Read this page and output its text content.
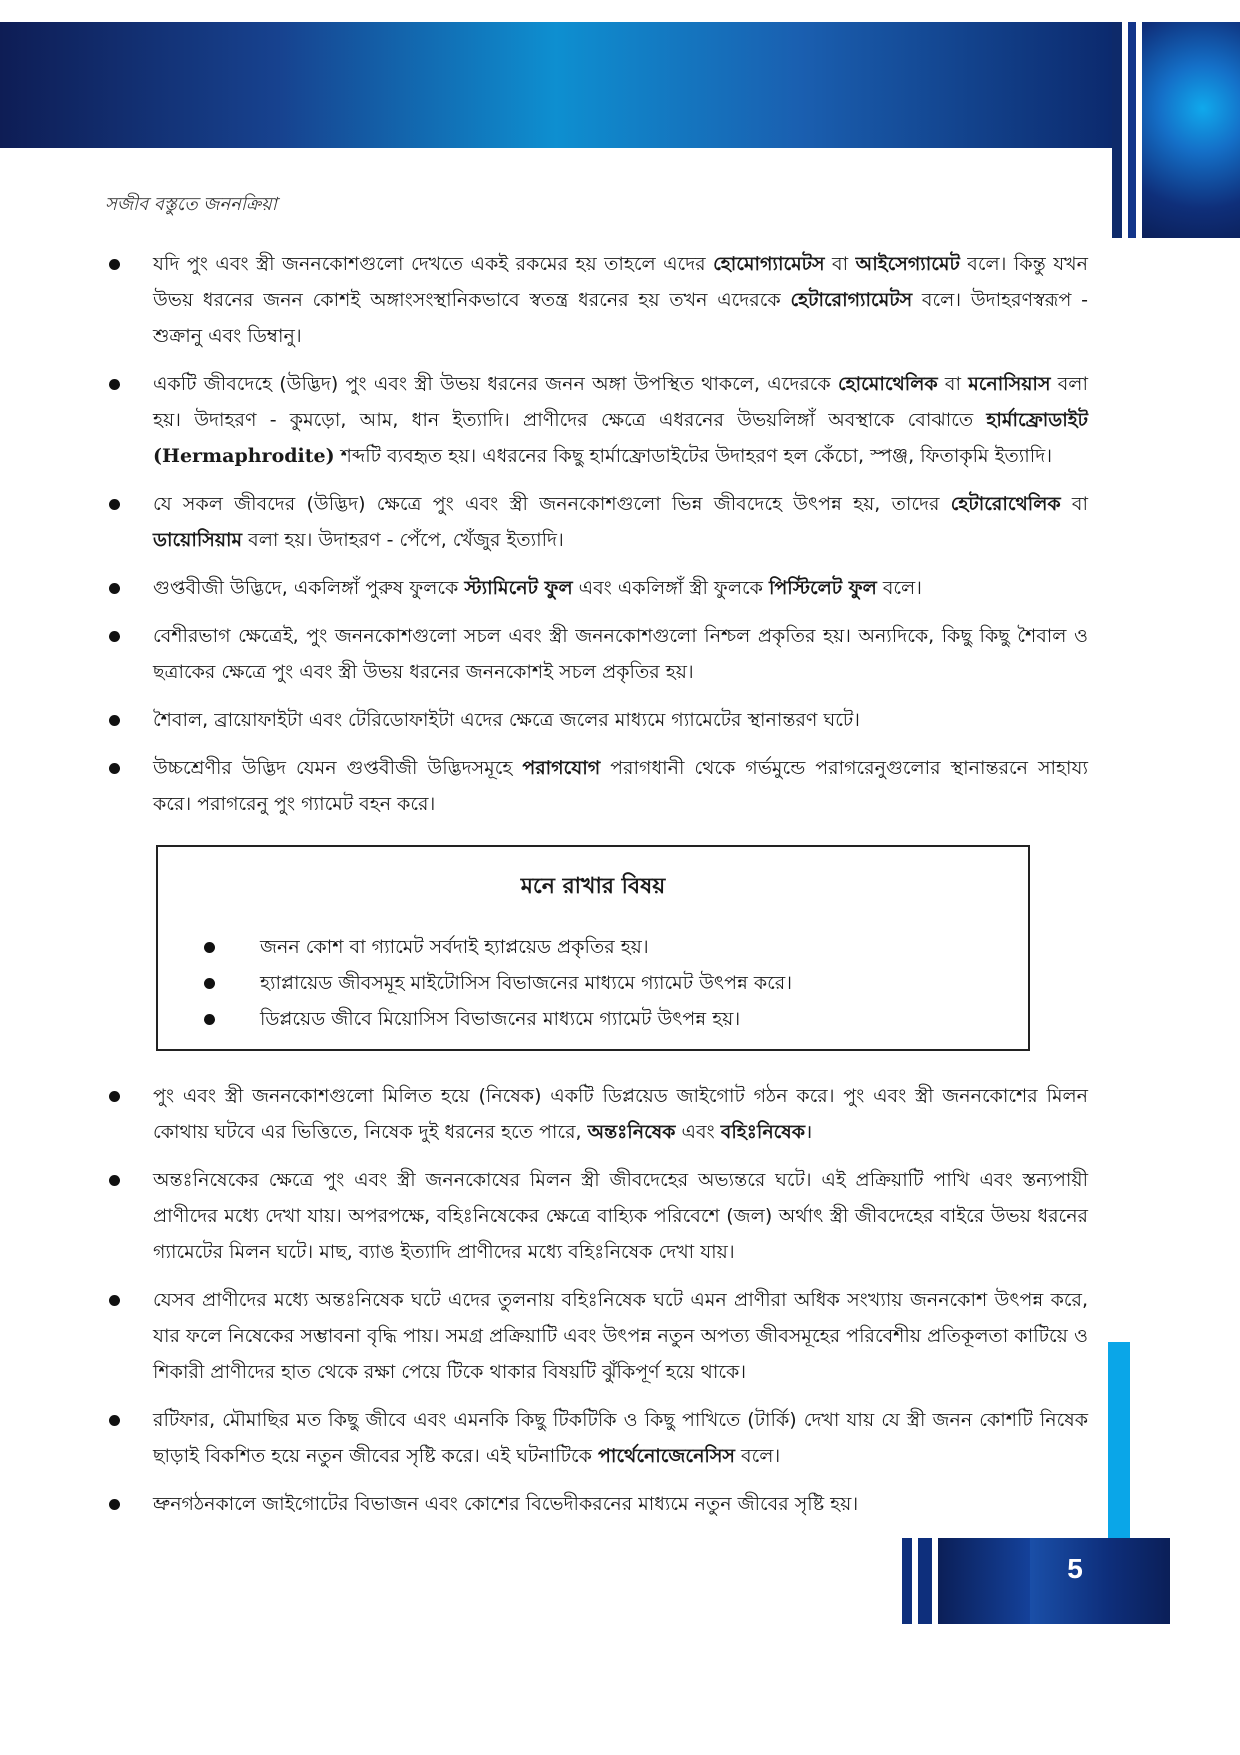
সজীব বস্তুতে জননক্রিয়া
যদি পুং এবং স্ত্রী জননকোশগুলো দেখতে একই রকমের হয় তাহলে এদের হোমোগ্যামেটস বা আইসেগ্যামেট বলে। কিন্তু যখন উভয় ধরনের জনন কোশই অঙ্গাংসংস্থানিকভাবে স্বতন্ত্র ধরনের হয় তখন এদেরকে হেটারোগ্যামেটস বলে। উদাহরণস্বরূপ - শুক্রানু এবং ডিম্বানু।
একটি জীবদেহে (উদ্ভিদ) পুং এবং স্ত্রী উভয় ধরনের জনন অঙ্গা উপস্থিত থাকলে, এদেরকে হোমোথেলিক বা মনোসিয়াস বলা হয়। উদাহরণ - কুমড়ো, আম, ধান ইত্যাদি। প্রাণীদের ক্ষেত্রে এধরনের উভয়লিঙ্গাঁ অবস্থাকে বোঝাতে হার্মাফ্রোডাইট (Hermaphrodite) শব্দটি ব্যবহৃত হয়। এধরনের কিছু হার্মাফ্রোডাইটের উদাহরণ হল কেঁচো, স্পঞ্জ, ফিতাকৃমি ইত্যাদি।
যে সকল জীবদের (উদ্ভিদ) ক্ষেত্রে পুং এবং স্ত্রী জননকোশগুলো ভিন্ন জীবদেহে উৎপন্ন হয়, তাদের হেটারোথেলিক বা ডায়োসিয়াম বলা হয়। উদাহরণ - পেঁপে, খেঁজুর ইত্যাদি।
গুপ্তবীজী উদ্ভিদে, একলিঙ্গাঁ পুরুষ ফুলকে স্ট্যামিনেট ফুল এবং একলিঙ্গাঁ স্ত্রী ফুলকে পিস্টিলেট ফুল বলে।
বেশীরভাগ ক্ষেত্রেই, পুং জননকোশগুলো সচল এবং স্ত্রী জননকোশগুলো নিশ্চল প্রকৃতির হয়। অন্যদিকে, কিছু কিছু শৈবাল ও ছত্রাকের ক্ষেত্রে পুং এবং স্ত্রী উভয় ধরনের জননকোশই সচল প্রকৃতির হয়।
শৈবাল, ব্রায়োফাইটা এবং টেরিডোফাইটা এদের ক্ষেত্রে জলের মাধ্যমে গ্যামেটের স্থানান্তরণ ঘটে।
উচ্চশ্রেণীর উদ্ভিদ যেমন গুপ্তবীজী উদ্ভিদসমূহে পরাগযোগ পরাগধানী থেকে গর্ভমুন্ডে পরাগরেনুগুলোর স্থানান্তরনে সাহায্য করে। পরাগরেনু পুং গ্যামেট বহন করে।
মনে রাখার বিষয়
জনন কোশ বা গ্যামেট সর্বদাই হ্যাপ্লয়েড প্রকৃতির হয়।
হ্যাপ্লায়েড জীবসমূহ মাইটোসিস বিভাজনের মাধ্যমে গ্যামেট উৎপন্ন করে।
ডিপ্লয়েড জীবে মিয়োসিস বিভাজনের মাধ্যমে গ্যামেট উৎপন্ন হয়।
পুং এবং স্ত্রী জননকোশগুলো মিলিত হয়ে (নিষেক) একটি ডিপ্লয়েড জাইগোট গঠন করে। পুং এবং স্ত্রী জননকোশের মিলন কোথায় ঘটবে এর ভিত্তিতে, নিষেক দুই ধরনের হতে পারে, অন্তঃনিষেক এবং বহিঃনিষেক।
অন্তঃনিষেকের ক্ষেত্রে পুং এবং স্ত্রী জননকোষের মিলন স্ত্রী জীবদেহের অভ্যন্তরে ঘটে। এই প্রক্রিয়াটি পাখি এবং স্তন্যপায়ী প্রাণীদের মধ্যে দেখা যায়। অপরপক্ষে, বহিঃনিষেকের ক্ষেত্রে বাহ্যিক পরিবেশে (জল) অর্থাৎ স্ত্রী জীবদেহের বাইরে উভয় ধরনের গ্যামেটের মিলন ঘটে। মাছ, ব্যাঙ ইত্যাদি প্রাণীদের মধ্যে বহিঃনিষেক দেখা যায়।
যেসব প্রাণীদের মধ্যে অন্তঃনিষেক ঘটে এদের তুলনায় বহিঃনিষেক ঘটে এমন প্রাণীরা অধিক সংখ্যায় জননকোশ উৎপন্ন করে, যার ফলে নিষেকের সম্ভাবনা বৃদ্ধি পায়। সমগ্র প্রক্রিয়াটি এবং উৎপন্ন নতুন অপত্য জীবসমূহের পরিবেশীয় প্রতিকূলতা কাটিয়ে ও শিকারী প্রাণীদের হাত থেকে রক্ষা পেয়ে টিকে থাকার বিষয়টি ঝুঁকিপূর্ণ হয়ে থাকে।
রটিফার, মৌমাছির মত কিছু জীবে এবং এমনকি কিছু টিকটিকি ও কিছু পাখিতে (টার্কি) দেখা যায় যে স্ত্রী জনন কোশটি নিষেক ছাড়াই বিকশিত হয়ে নতুন জীবের সৃষ্টি করে। এই ঘটনাটিকে পার্থেনোজেনেসিস বলে।
ভ্রুনগঠনকালে জাইগোটের বিভাজন এবং কোশের বিভেদীকরনের মাধ্যমে নতুন জীবের সৃষ্টি হয়।
5
